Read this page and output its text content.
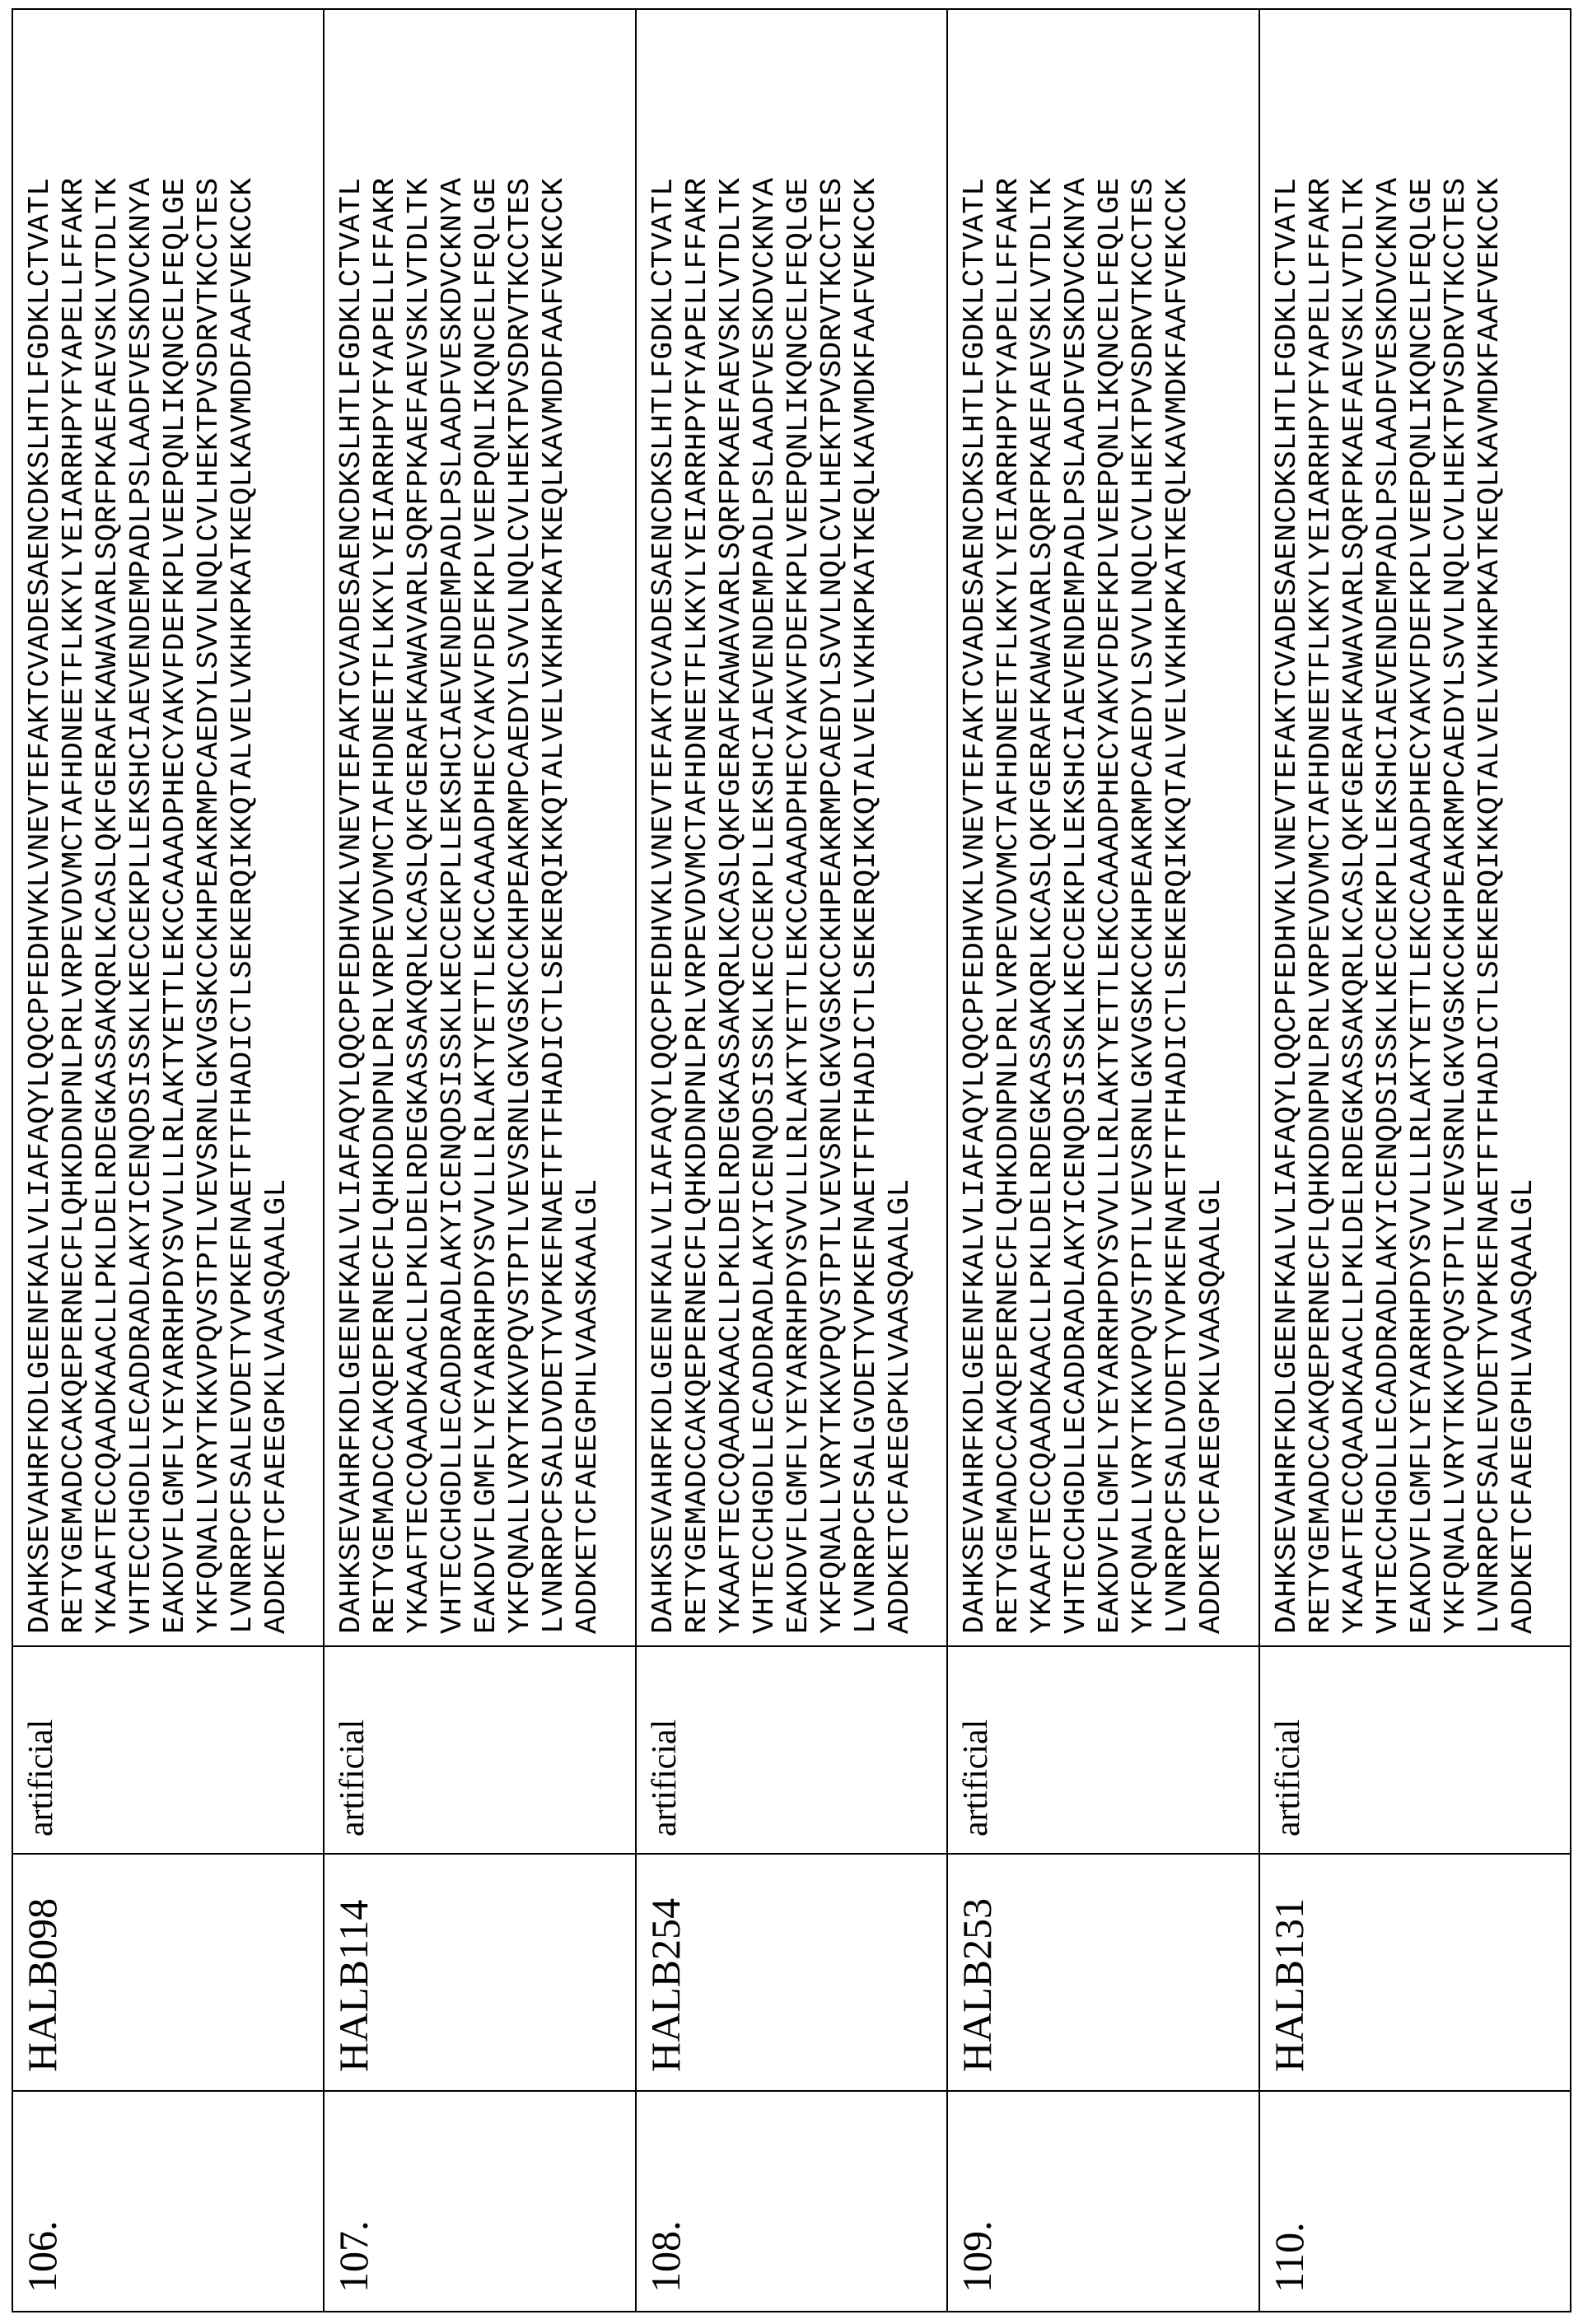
106.

HALB098

artificial

DAHKSEVAHRFKDLGEENFKALVLIAFAQYLQQCPFEDHVKLVNEVTEFAKTCVADESAENCDKSLHTLFGDKLCTVATL RETYGEMADCCAKQEPERNECFLQHKDDNPNLPRLVRPEVDVMCTAFHDNEETFLKKYLYEIARRHPYFYAPELLFFAKR YKAAFTECCQAADKAACLLPKLDELRDEGKASSAKQRLKCASLQKFGERAFKAWAVARLSQRFPKAEFAEVSKLVTDLTK VHTECCHGDLLECADDRADLAKYICENQDSISSKLKECCEKPLLEKSHCIAEVENDEMPADLPSLAADFVESKDVCKNYA EAKDVFLGMFLYEYARRHPDYSVVLLLRLAKTYETTLEKCCAAADPHECYAKVFDEFKPLVEEPQNLIKQNCELFEQLGE YKFQNALLVRYTKKVPQVSTPTLVEVSRNLGKVGSKCCKHPEAKRMPCAEDYLSVVLNQLCVLHEKTPVSDRVTKCCTES LVNRRPCFSALEVDETYVPKEFNAETFTFHADICTLSEKERQIKKQTALVELVKHKPKATKEQLKAVMDDFAAFVEKCCK ADDKETCFAEEGPKLVAASQAALGL

107.

HALB114

artificial

DAHKSEVAHRFKDLGEENFKALVLIAFAQYLQQCPFEDHVKLVNEVTEFAKTCVADESAENCDKSLHTLFGDKLCTVATL RETYGEMADCCAKQEPERNECFLQHKDDNPNLPRLVRPEVDVMCTAFHDNEETFLKKYLYEIARRHPYFYAPELLFFAKR YKAAFTECCQAADKAACLLPKLDELRDEGKASSAKQRLKCASLQKFGERAFKAWAVARLSQRFPKAEFAEVSKLVTDLTK VHTECCHGDLLECADDRADLAKYICENQDSISSKLKECCEKPLLEKSHCIAEVENDEMPADLPSLAADFVESKDVCKNYA EAKDVFLGMFLYEYARRHPDYSVVLLLRLAKTYETTLEKCCAAADPHECYAKVFDEFKPLVEEPQNLIKQNCELFEQLGE YKFQNALLVRYTKKVPQVSTPTLVEVSRNLGKVGSKCCKHPEAKRMPCAEDYLSVVLNQLCVLHEKTPVSDRVTKCCTES LVNRRPCFSALDVDETYVPKEFNAETFTFHADICTLSEKERQIKKQTALVELVKHKPKATKEQLKAVMDDFAAFVEKCCK ADDKETCFAEEGPHLVAASKAALGL

108.

HALB254

artificial

DAHKSEVAHRFKDLGEENFKALVLIAFAQYLQQCPFEDHVKLVNEVTEFAKTCVADESAENCDKSLHTLFGDKLCTVATL RETYGEMADCCAKQEPERNECFLQHKDDNPNLPRLVRPEVDVMCTAFHDNEETFLKKYLYEIARRHPYFYAPELLFFAKR YKAAFTECCQAADKAACLLPKLDELRDEGKASSAKQRLKCASLQKFGERAFKAWAVARLSQRFPKAEFAEVSKLVTDLTK VHTECCHGDLLECADDRADLAKYICENQDSISSKLKECCEKPLLEKSHCIAEVENDEMPADLPSLAADFVESKDVCKNYA EAKDVFLGMFLYEYARRHPDYSVVLLLRLAKTYETTLEKCCAAADPHECYAKVFDEFKPLVEEPQNLIKQNCELFEQLGE YKFQNALLVRYTKKVPQVSTPTLVEVSRNLGKVGSKCCKHPEAKRMPCAEDYLSVVLNQLCVLHEKTPVSDRVTKCCTES LVNRRPCFSALGVDETYVPKEFNAETFTFHADICTLSEKERQIKKQTALVELVKHKPKATKEQLKAVMDKFAAFVEKCCK ADDKETCFAEEGPKLVAASQAALGL

109.

HALB253

artificial

DAHKSEVAHRFKDLGEENFKALVLIAFAQYLQQCPFEDHVKLVNEVTEFAKTCVADESAENCDKSLHTLFGDKLCTVATL RETYGEMADCCAKQEPERNECFLQHKDDNPNLPRLVRPEVDVMCTAFHDNEETFLKKYLYEIARRHPYFYAPELLFFAKR YKAAFTECCQAADKAACLLPKLDELRDEGKASSAKQRLKCASLQKFGERAFKAWAVARLSQRFPKAEFAEVSKLVTDLTK VHTECCHGDLLECADDRADLAKYICENQDSISSKLKECCEKPLLEKSHCIAEVENDEMPADLPSLAADFVESKDVCKNYA EAKDVFLGMFLYEYARRHPDYSVVLLLRLAKTYETTLEKCCAAADPHECYAKVFDEFKPLVEEPQNLIKQNCELFEQLGE YKFQNALLVRYTKKVPQVSTPTLVEVSRNLGKVGSKCCKHPEAKRMPCAEDYLSVVLNQLCVLHEKTPVSDRVTKCCTES LVNRRPCFSALDVDETYVPKEFNAETFTFHADICTLSEKERQIKKQTALVELVKHKPKATKEQLKAVMDKFAAFVEKCCK ADDKETCFAEEGPKLVAASQAALGL

110.

HALB131

artificial

DAHKSEVAHRFKDLGEENFKALVLIAFAQYLQQCPFEDHVKLVNEVTEFAKTCVADESAENCDKSLHTLFGDKLCTVATL RETYGEMADCCAKQEPERNECFLQHKDDNPNLPRLVRPEVDVMCTAFHDNEETFLKKYLYEIARRHPYFYAPELLFFAKR YKAAFTECCQAADKAACLLPKLDELRDEGKASSAKQRLKCASLQKFGERAFKAWAVARLSQRFPKAEFAEVSKLVTDLTK VHTECCHGDLLECADDRADLAKYICENQDSISSKLKECCEKPLLEKSHCIAEVENDEMPADLPSLAADFVESKDVCKNYA EAKDVFLGMFLYEYARRHPDYSVVLLLRLAKTYETTLEKCCAAADPHECYAKVFDEFKPLVEEPQNLIKQNCELFEQLGE YKFQNALLVRYTKKVPQVSTPTLVEVSRNLGKVGSKCCKHPEAKRMPCAEDYLSVVLNQLCVLHEKTPVSDRVTKCCTES LVNRRPCFSALEVDETYVPKEFNAETFTFHADICTLSEKERQIKKQTALVELVKHKPKATKEQLKAVMDKFAAFVEKCCK ADDKETCFAEEGPHLVAASQAALGL
